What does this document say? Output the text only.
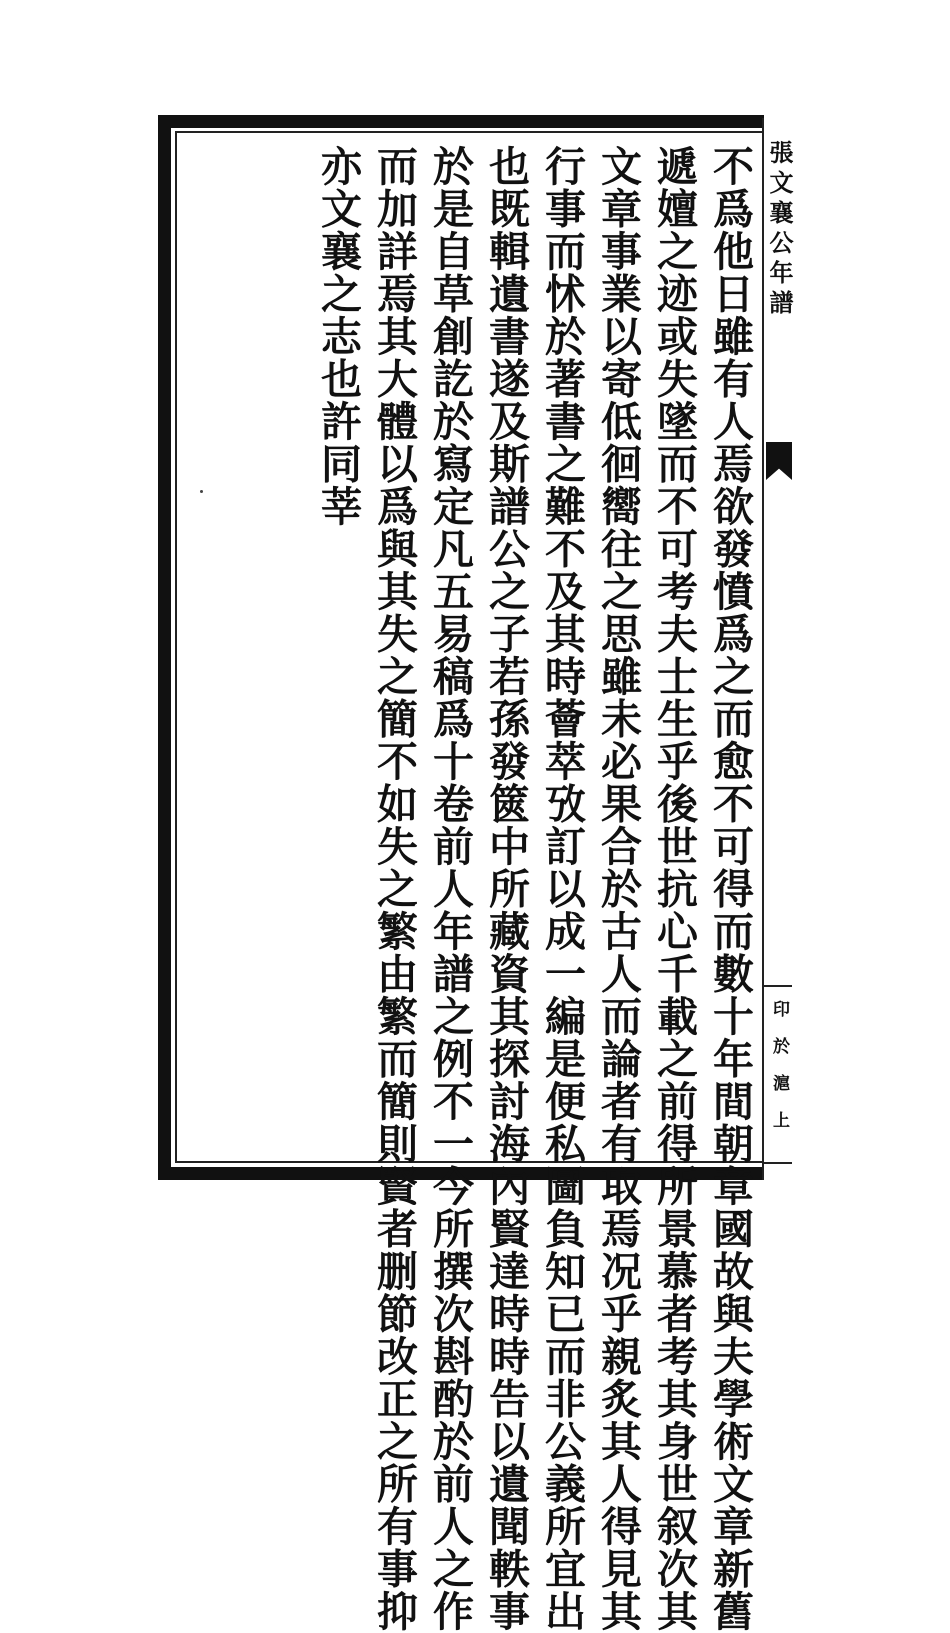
張文襄公年譜
印於滬上
不爲他日雖有人焉欲發憤爲之而愈不可得而數十年間朝章國故與夫學術文章新舊
遞嬗之迹或失墜而不可考夫士生乎後世抗心千載之前得所景慕者考其身世叙次其
文章事業以寄低徊嚮往之思雖未必果合於古人而論者有取焉况乎親炙其人得見其
行事而怵於著書之難不及其時薈萃攷訂以成一編是便私圖負知已而非公義所宜出
也既輯遺書遂及斯譜公之子若孫發篋中所藏資其探討海內賢達時時告以遺聞軼事
於是自草創訖於寫定凡五易稿爲十卷前人年譜之例不一今所撰次斟酌於前人之作
而加詳焉其大體以爲與其失之簡不如失之繁由繁而簡則賢者删節改正之所有事抑
亦文襄之志也許同莘
